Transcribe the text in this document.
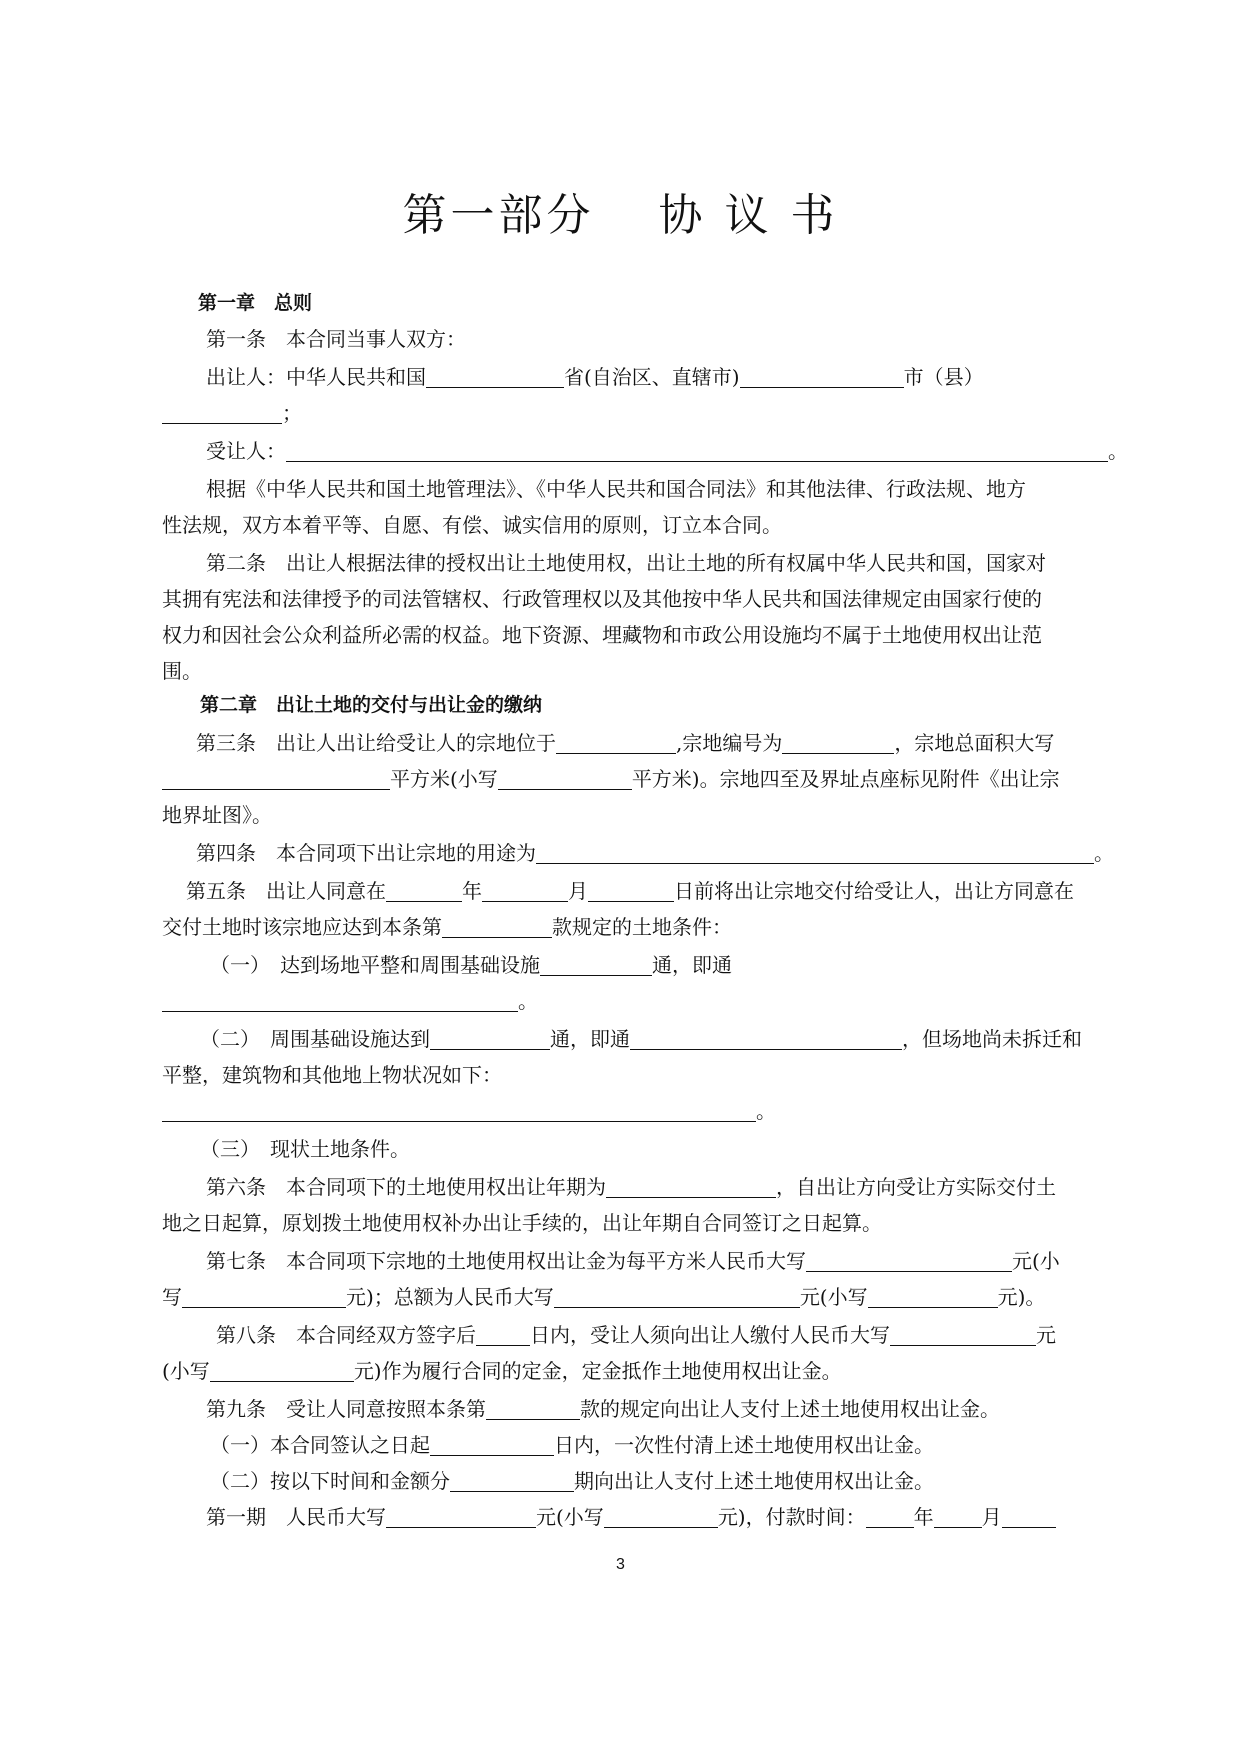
第一部分 协 议 书
第一章　总则
第一条　本合同当事人双方：
出让人：中华人民共和国	省(自治区、直辖市)	市（县）
；
受让人：	。
根据《中华人民共和国土地管理法》、《中华人民共和国合同法》和其他法律、行政法规、地方
性法规，双方本着平等、自愿、有偿、诚实信用的原则，订立本合同。
第二条　出让人根据法律的授权出让土地使用权，出让土地的所有权属中华人民共和国，国家对
其拥有宪法和法律授予的司法管辖权、行政管理权以及其他按中华人民共和国法律规定由国家行使的
权力和因社会公众利益所必需的权益。地下资源、埋藏物和市政公用设施均不属于土地使用权出让范
围。
第二章　出让土地的交付与出让金的缴纳
第三条　出让人出让给受让人的宗地位于	,宗地编号为	，宗地总面积大写
平方米(小写	平方米)。宗地四至及界址点座标见附件《出让宗
地界址图》。
第四条　本合同项下出让宗地的用途为	。
第五条　出让人同意在	年	月	日前将出让宗地交付给受让人，出让方同意在
交付土地时该宗地应达到本条第	款规定的土地条件：
（一）　达到场地平整和周围基础设施	通，即通
。
（二）　周围基础设施达到	通，即通	，但场地尚未拆迁和
平整，建筑物和其他地上物状况如下：
。
（三）　现状土地条件。
第六条　本合同项下的土地使用权出让年期为	，自出让方向受让方实际交付土
地之日起算，原划拨土地使用权补办出让手续的，出让年期自合同签订之日起算。
第七条　本合同项下宗地的土地使用权出让金为每平方米人民币大写	元(小
写	元)；总额为人民币大写	元(小写	元)。
第八条　本合同经双方签字后	日内，受让人须向出让人缴付人民币大写	元
(小写	元)作为履行合同的定金，定金抵作土地使用权出让金。
第九条　受让人同意按照本条第	款的规定向出让人支付上述土地使用权出让金。
（一）本合同签认之日起	日内，一次性付清上述土地使用权出让金。
（二）按以下时间和金额分	期向出让人支付上述土地使用权出让金。
第一期　人民币大写	元(小写	元)，付款时间： 年 月
3
